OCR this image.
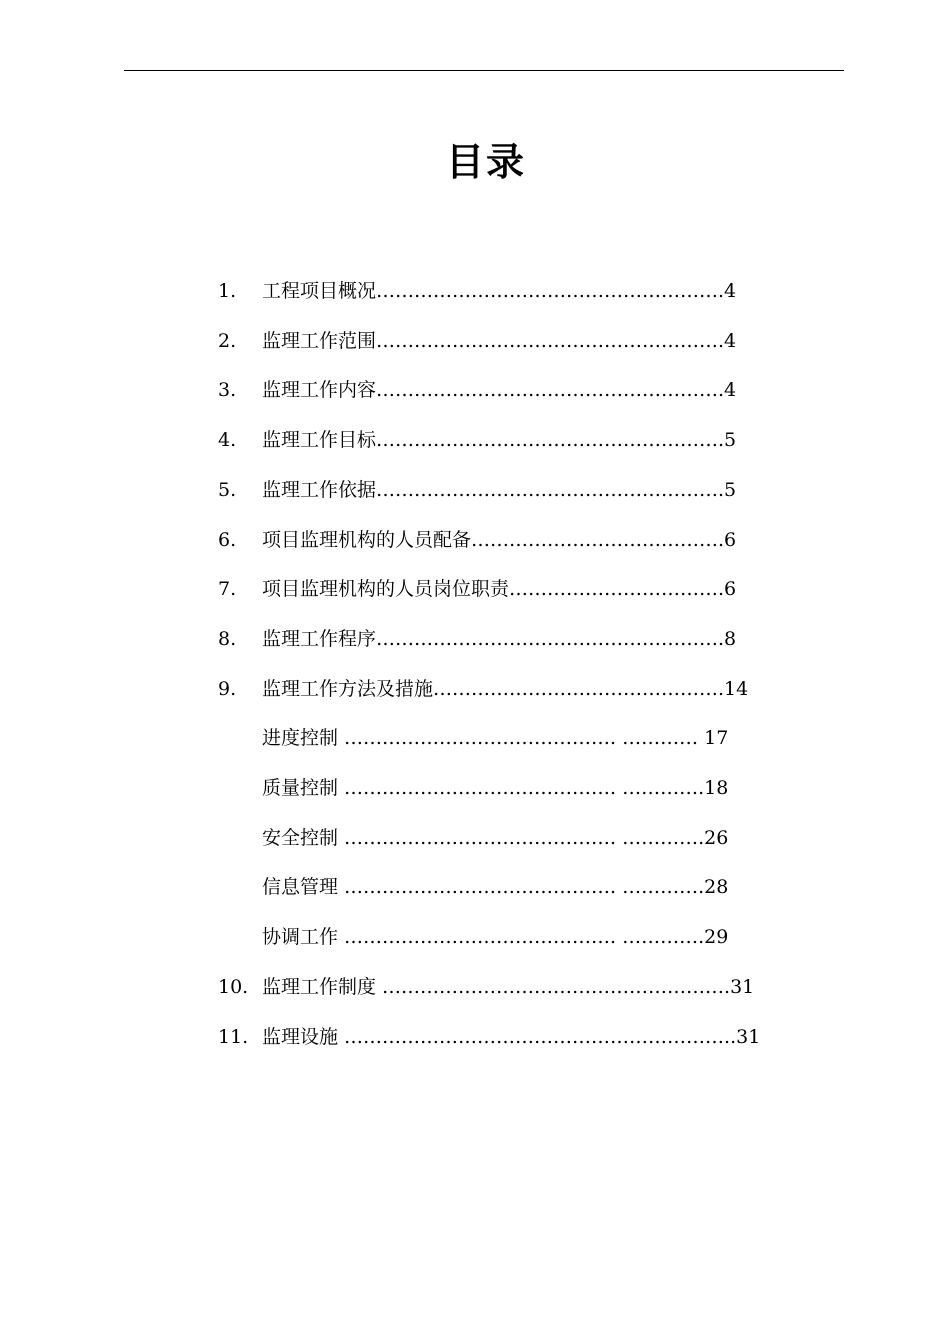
目录
1. 工程项目概况……………………………………………….4
2. 监理工作范围……………………………………………….4
3. 监理工作内容……………………………………………….4
4. 监理工作目标……………………………………………….5
5. 监理工作依据……………………………………………….5
6. 项目监理机构的人员配备………………………………….6
7. 项目监理机构的人员岗位职责…………………………….6
8. 监理工作程序……………………………………………….8
9. 监理工作方法及措施……………………………………….14
进度控制 ……………………………………. ………… 17
质量控制 ……………………………………. ………….18
安全控制 ……………………………………. ………….26
信息管理 ……………………………………. ………….28
协调工作 ……………………………………. ………….29
10. 监理工作制度 ……………………………………………….31
11. 监理设施 ……………………………………………………..31
